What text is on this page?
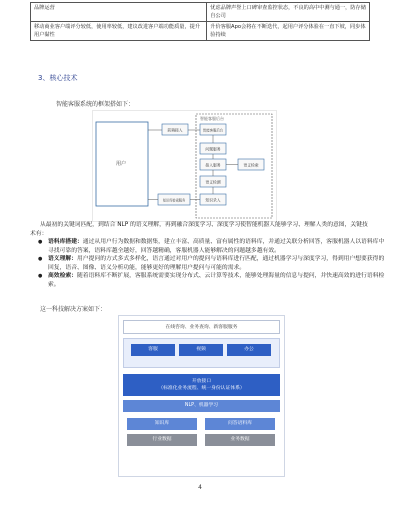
品牌运营	忧虑品牌声誉上口碑审查监控状态，不良的高中中测与通一，防存储自公司
移动商业客户端评分较低，使用率较低，建议改进客户端功能质量，提升用户黏性	升价客服Apo会将在不断迭代，起用户评分体验在一直下坡，同步体验持续
3、核心技术
智能客服系统的框架搭如下：
用户
智能客服后台
前端接入	智能客服后台
问题服务
接入服务	语义检索
语义检测
知识录入
知识库检索服务
从最初的关键词匹配，到结合 NLP 的语义理解，再到融合深度学习、深度学习使智能机器人能够学习、理解人类的意图，关键技术有：
● 语料库搭建：通过从用户行为数据和数据集，建立丰富、高质量、富有属性的语料库，并通过关联分析回答，客服机器人以语料库中寻找可靠的答案，语料库越全越好，回答越精确，客服机器人能够解决的问题越多越有效。
● 语义理解：用户提问的方式多式多样化，语言通过对用户的提问与语料库进行匹配，通过机器学习与深度学习，得到用户想要获得的回复，语音、图像、语义分析功能，能够更好的理解用户提问与可能的需求。
● 高效检索：随着语料库不断扩展，客服系统需要实现分布式、云计算等技术，能够处理海量的信息与提问，并快速高效的进行语料检索。
这一科技解决方案如下：
在线咨询、业务查询、新客服服务
客服	视频	办公
开放接口
（标准化业务流程、统一身份认证体系）
NLP、机器学习
知识库	问答语料库
行业数据	业务数据
4
